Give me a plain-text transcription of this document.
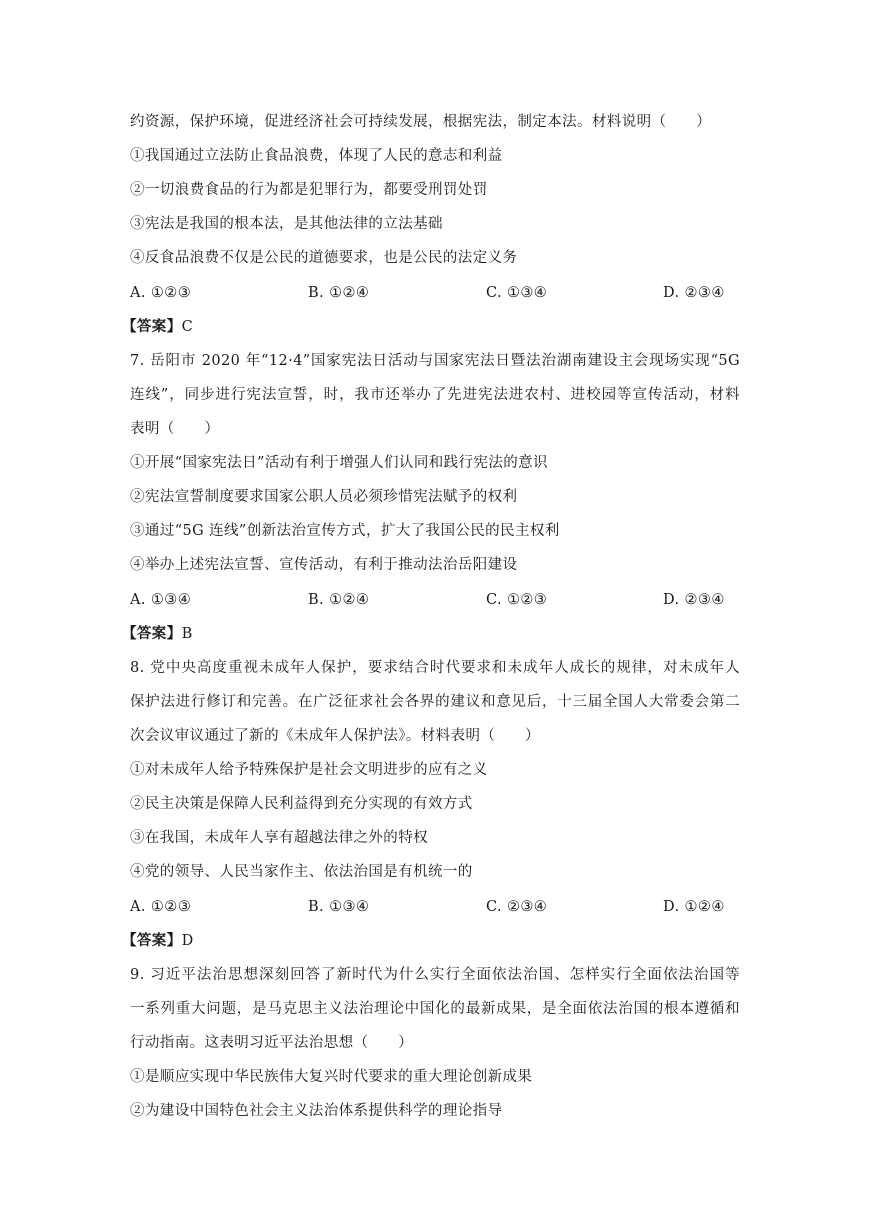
约资源，保护环境，促进经济社会可持续发展，根据宪法，制定本法。材料说明（　　）
①我国通过立法防止食品浪费，体现了人民的意志和利益
②一切浪费食品的行为都是犯罪行为，都要受刑罚处罚
③宪法是我国的根本法，是其他法律的立法基础
④反食品浪费不仅是公民的道德要求，也是公民的法定义务
A. ①②③	B. ①②④	C. ①③④	D. ②③④
【答案】C
7. 岳阳市 2020 年“12·4”国家宪法日活动与国家宪法日暨法治湖南建设主会现场实现“5G
连线”，同步进行宪法宣誓，时，我市还举办了先进宪法进农村、进校园等宣传活动，材料
表明（　　）
①开展“国家宪法日”活动有利于增强人们认同和践行宪法的意识
②宪法宣誓制度要求国家公职人员必须珍惜宪法赋予的权利
③通过“5G 连线”创新法治宣传方式，扩大了我国公民的民主权利
④举办上述宪法宣誓、宣传活动，有利于推动法治岳阳建设
A. ①③④	B. ①②④	C. ①②③	D. ②③④
【答案】B
8. 党中央高度重视未成年人保护，要求结合时代要求和未成年人成长的规律，对未成年人
保护法进行修订和完善。在广泛征求社会各界的建议和意见后，十三届全国人大常委会第二
次会议审议通过了新的《未成年人保护法》。材料表明（　　）
①对未成年人给予特殊保护是社会文明进步的应有之义
②民主决策是保障人民利益得到充分实现的有效方式
③在我国，未成年人享有超越法律之外的特权
④党的领导、人民当家作主、依法治国是有机统一的
A. ①②③	B. ①③④	C. ②③④	D. ①②④
【答案】D
9. 习近平法治思想深刻回答了新时代为什么实行全面依法治国、怎样实行全面依法治国等
一系列重大问题，是马克思主义法治理论中国化的最新成果，是全面依法治国的根本遵循和
行动指南。这表明习近平法治思想（　　）
①是顺应实现中华民族伟大复兴时代要求的重大理论创新成果
②为建设中国特色社会主义法治体系提供科学的理论指导
